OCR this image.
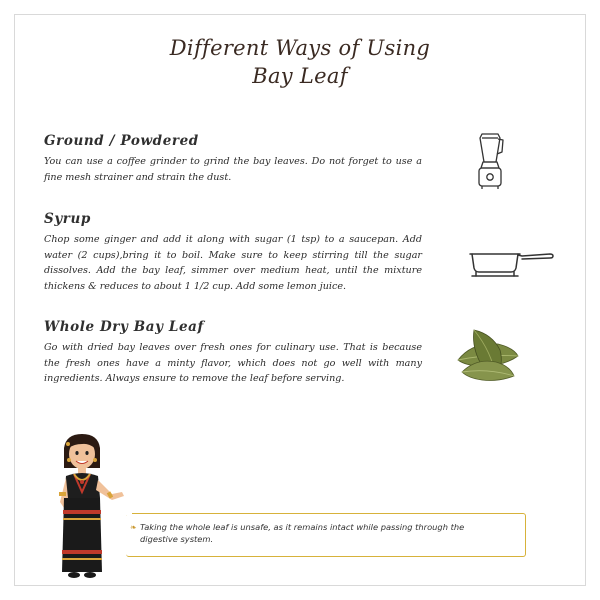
Different Ways of Using
Bay Leaf
Ground / Powdered

You can use a coffee grinder to grind the bay leaves. Do not forget to use a fine mesh strainer and strain the dust.

Syrup

Chop some ginger and add it along with sugar (1 tsp) to a saucepan. Add water (2 cups),bring it to boil. Make sure to keep stirring till the sugar dissolves. Add the bay leaf, simmer over medium heat, until the mixture thickens & reduces to about 1 1/2 cup. Add some lemon juice.

Whole Dry Bay Leaf

Go with dried bay leaves over fresh ones for culinary use. That is because the fresh ones have a minty flavor, which does not go well with many ingredients. Always ensure to remove the leaf before serving.

❧ Taking the whole leaf is unsafe, as it remains intact while passing through the digestive system.
